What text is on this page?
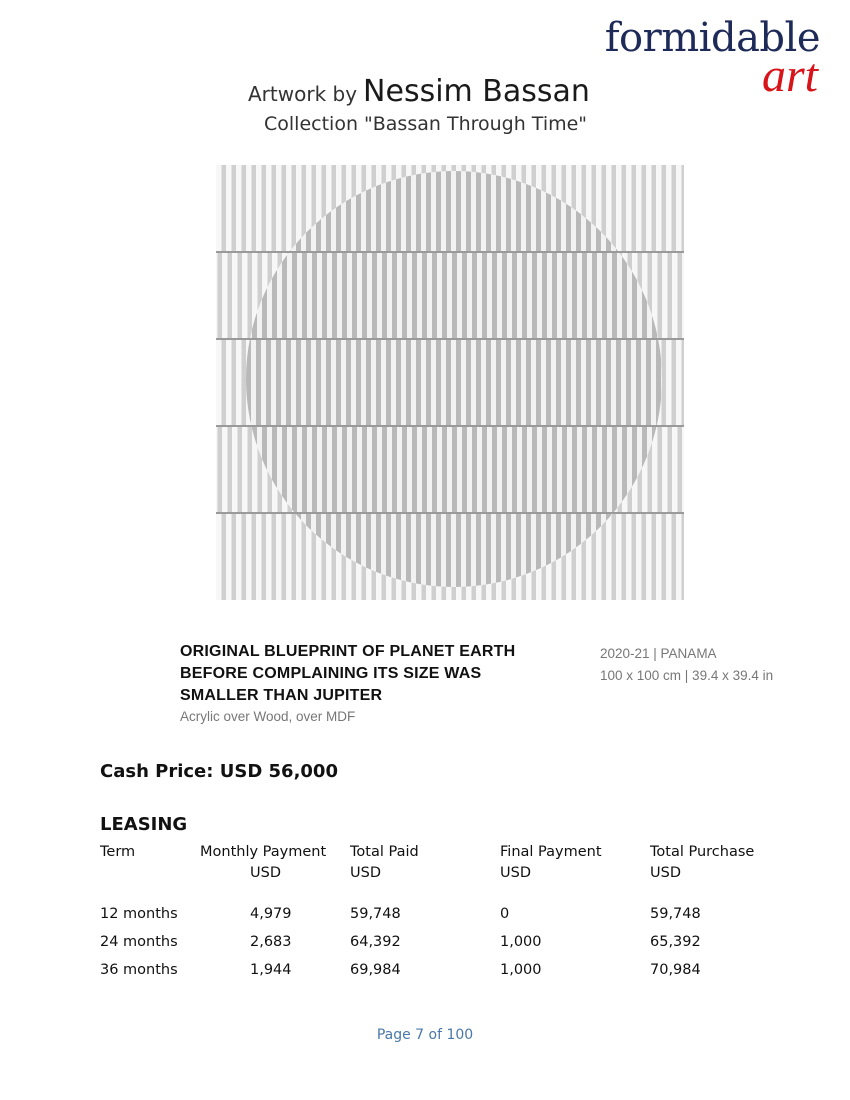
formidable
art
Artwork by Nessim Bassan
Collection "Bassan Through Time"
ORIGINAL BLUEPRINT OF PLANET EARTH
BEFORE COMPLAINING ITS SIZE WAS
SMALLER THAN JUPITER
Acrylic over Wood, over MDF
2020-21 | PANAMA
100 x 100 cm | 39.4 x 39.4 in
Cash Price: USD 56,000
LEASING
Term	Monthly Payment	Total Paid	Final Payment	Total Purchase
	USD	USD	USD	USD

12 months	4,979	59,748	0	59,748
24 months	2,683	64,392	1,000	65,392
36 months	1,944	69,984	1,000	70,984
Page 7 of 100
